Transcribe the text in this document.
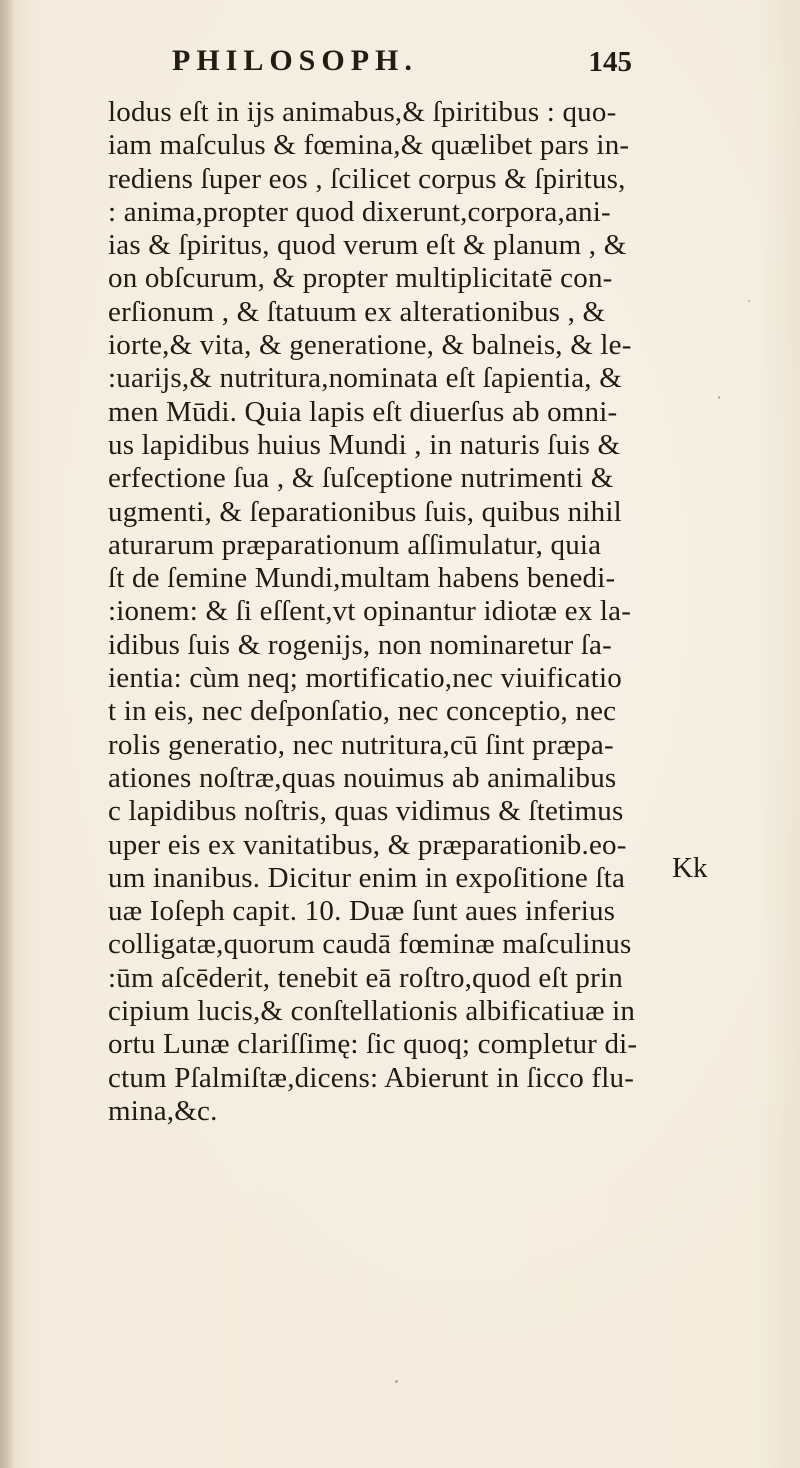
PHILOSOPH.	145
lodus eſt in ijs animabus,& ſpiritibus : quo-
iam maſculus & fœmina,& quælibet pars in-
rediens ſuper eos , ſcilicet corpus & ſpiritus,
: anima,propter quod dixerunt,corpora,ani-
ias & ſpiritus, quod verum eſt & planum , &
on obſcurum, & propter multiplicitatē con-
erſionum , & ſtatuum ex alterationibus , &
iorte,& vita, & generatione, & balneis, & le-
:uarijs,& nutritura,nominata eſt ſapientia, &
men Mūdi. Quia lapis eſt diuerſus ab omni-
us lapidibus huius Mundi , in naturis ſuis &
erfectione ſua , & ſuſceptione nutrimenti &
ugmenti, & ſeparationibus ſuis, quibus nihil
aturarum præparationum aſſimulatur, quia
ſt de ſemine Mundi,multam habens benedi-
:ionem: & ſi eſſent,vt opinantur idiotæ ex la-
idibus ſuis & rogenijs, non nominaretur ſa-
ientia: cùm neq; mortificatio,nec viuificatio
t in eis, nec deſponſatio, nec conceptio, nec
rolis generatio, nec nutritura,cū ſint præpa-
ationes noſtræ,quas nouimus ab animalibus
c lapidibus noſtris, quas vidimus & ſtetimus
uper eis ex vanitatibus, & præparationib.eo-
um inanibus. Dicitur enim in expoſitione ſta
uæ Ioſeph capit. 10. Duæ ſunt aues inferius
colligatæ,quorum caudā fœminæ maſculinus
:ūm aſcēderit, tenebit eā roſtro,quod eſt prin
cipium lucis,& conſtellationis albificatiuæ in
ortu Lunæ clariſſimę: ſic quoq; completur di-
ctum Pſalmiſtæ,dicens: Abierunt in ſicco flu-
mina,&c.
Kk
